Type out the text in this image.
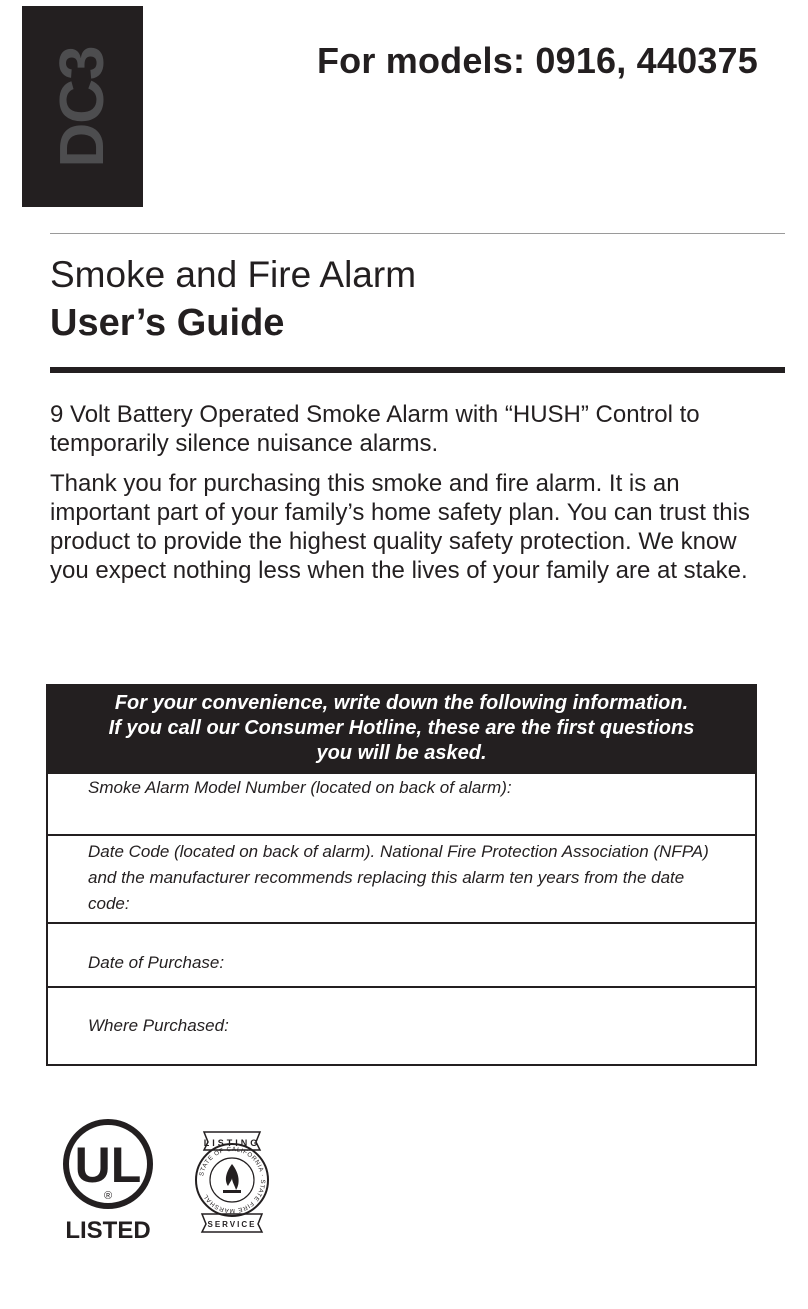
DC3	For models: 0916, 440375
Smoke and Fire Alarm
User’s Guide

9 Volt Battery Operated Smoke Alarm with “HUSH” Control to temporarily silence nuisance alarms.

Thank you for purchasing this smoke and fire alarm. It is an important part of your family’s home safety plan. You can trust this product to provide the highest quality safety protection. We know you expect nothing less when the lives of your family are at stake.

For your convenience, write down the following information.
If you call our Consumer Hotline, these are the first questions
you will be asked.
Smoke Alarm Model Number (located on back of alarm):
Date Code (located on back of alarm). National Fire Protection Association (NFPA) and the manufacturer recommends replacing this alarm ten years from the date code:
Date of Purchase:
Where Purchased:
UL
®
LISTED
LISTING
STATE OF CALIFORNIA · STATE FIRE MARSHAL
SERVICE
